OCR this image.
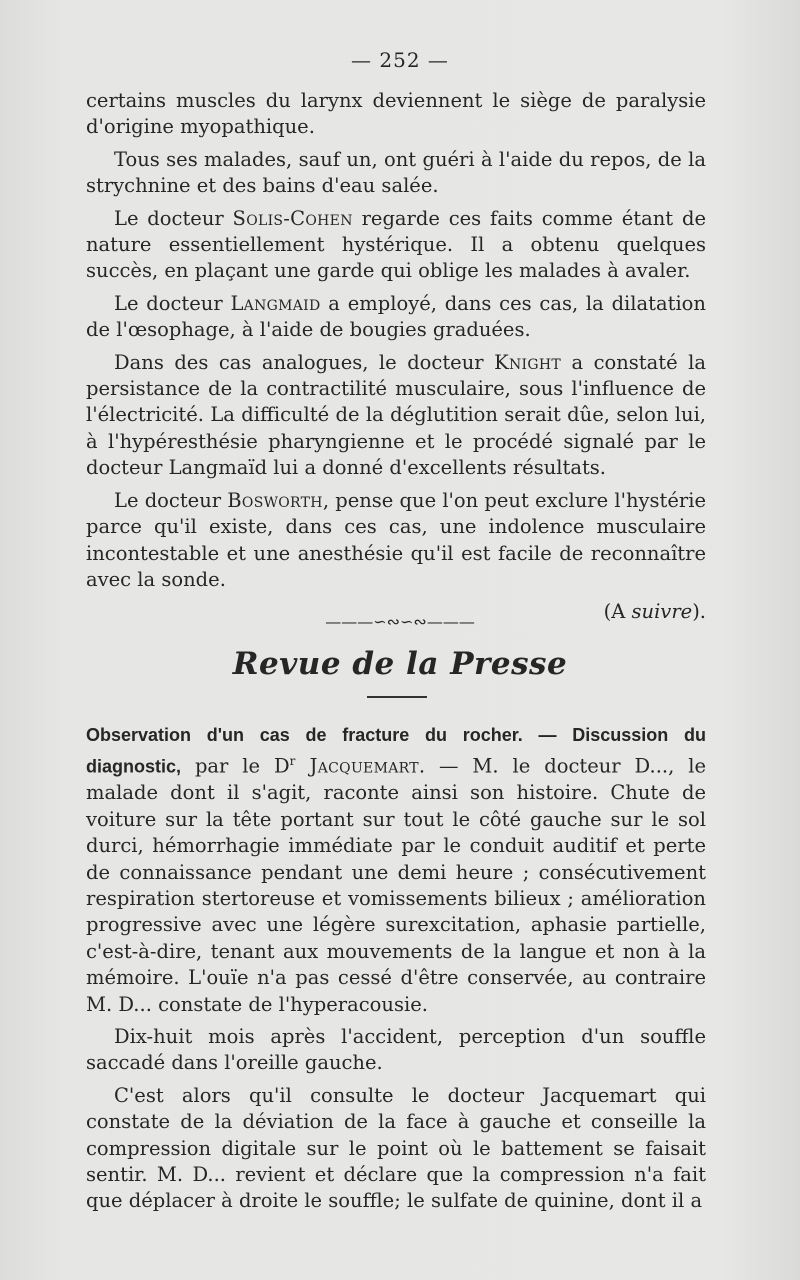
— 252 —

certains muscles du larynx deviennent le siège de paralysie d'origine myopathique.

Tous ses malades, sauf un, ont guéri à l'aide du repos, de la strychnine et des bains d'eau salée.

Le docteur Solis-Cohen regarde ces faits comme étant de nature essentiellement hystérique. Il a obtenu quelques succès, en plaçant une garde qui oblige les malades à avaler.

Le docteur Langmaid a employé, dans ces cas, la dilatation de l'œsophage, à l'aide de bougies graduées.

Dans des cas analogues, le docteur Knight a constaté la persistance de la contractilité musculaire, sous l'influence de l'électricité. La difficulté de la déglutition serait dûe, selon lui, à l'hypéresthésie pharyngienne et le procédé signalé par le docteur Langmaïd lui a donné d'excellents résultats.

Le docteur Bosworth, pense que l'on peut exclure l'hystérie parce qu'il existe, dans ces cas, une indolence musculaire incontestable et une anesthésie qu'il est facile de reconnaître avec la sonde.

(A suivre).
———∽∾∽∾———
Revue de la Presse

Observation d'un cas de fracture du rocher. — Discussion du diagnostic, par le $D^r$ Jacquemart. — M. le docteur D..., le malade dont il s'agit, raconte ainsi son histoire. Chute de voiture sur la tête portant sur tout le côté gauche sur le sol durci, hémorrhagie immédiate par le conduit auditif et perte de connaissance pendant une demi heure ; consécutivement respiration stertoreuse et vomissements bilieux ; amélioration progressive avec une légère surexcitation, aphasie partielle, c'est-à-dire, tenant aux mouvements de la langue et non à la mémoire. L'ouïe n'a pas cessé d'être conservée, au contraire M. D... constate de l'hyperacousie.

Dix-huit mois après l'accident, perception d'un souffle saccadé dans l'oreille gauche.

C'est alors qu'il consulte le docteur Jacquemart qui constate de la déviation de la face à gauche et conseille la compression digitale sur le point où le battement se faisait sentir. M. D... revient et déclare que la compression n'a fait que déplacer à droite le souffle; le sulfate de quinine, dont il a
